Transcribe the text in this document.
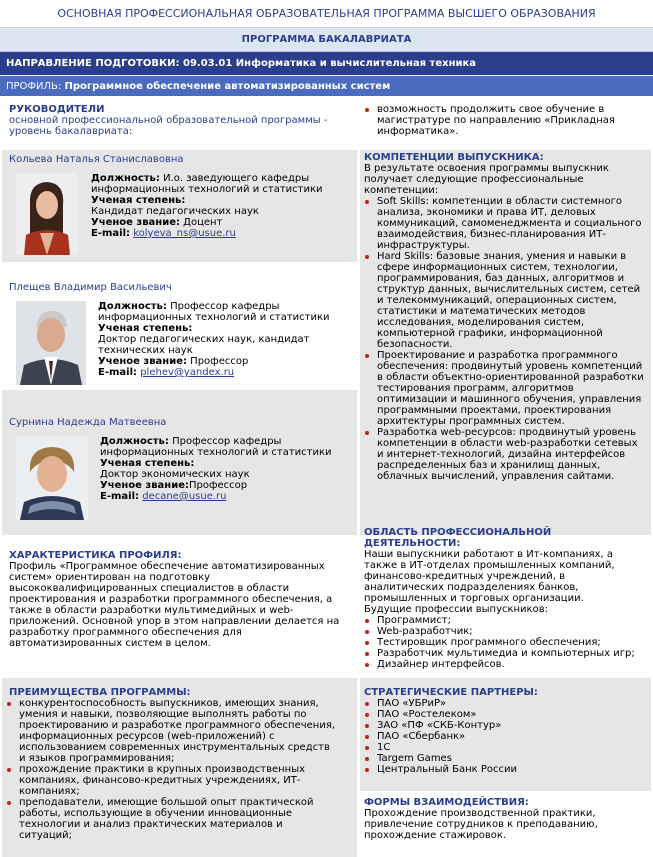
ОСНОВНАЯ ПРОФЕССИОНАЛЬНАЯ ОБРАЗОВАТЕЛЬНАЯ ПРОГРАММА ВЫСШЕГО ОБРАЗОВАНИЯ
ПРОГРАММА БАКАЛАВРИАТА
НАПРАВЛЕНИЕ ПОДГОТОВКИ: 09.03.01 Информатика и вычислительная техника
ПРОФИЛЬ: Программное обеспечение автоматизированных систем
РУКОВОДИТЕЛИ
основной профессиональной образовательной программы - уровень бакалавриата:
Кольева Наталья Станиславовна
Должность: И.о. заведующего кафедры информационных технологий и статистики
Ученая степень:
Кандидат педагогических наук
Ученое звание: Доцент
E-mail: kolyeva_ns@usue.ru
Плещев Владимир Васильевич
Должность: Профессор кафедры информационных технологий и статистики
Ученая степень:
Доктор педагогических наук, кандидат технических наук
Ученое звание: Профессор
E-mail: plehev@yandex.ru
Сурнина Надежда Матвеевна
Должность: Профессор кафедры информационных технологий и статистики
Ученая степень:
Доктор экономических наук
Ученое звание:Профессор
E-mail: decane@usue.ru
ХАРАКТЕРИСТИКА ПРОФИЛЯ:
Профиль «Программное обеспечение автоматизированных систем» ориентирован на подготовку высококвалифицированных специалистов в области проектирования и разработки программного обеспечения, а также в области разработки мультимедийных и web-приложений. Основной упор в этом направлении делается на разработку программного обеспечения для автоматизированных систем в целом.
ПРЕИМУЩЕСТВА ПРОГРАММЫ:
конкурентоспособность выпускников, имеющих знания, умения и навыки, позволяющие выполнять работы по проектированию и разработке программного обеспечения, информационных ресурсов (web-приложений) с использованием современных инструментальных средств и языков программирования;
прохождение практики в крупных производственных компаниях, финансово-кредитных учреждениях, ИТ-компаниях;
преподаватели, имеющие большой опыт практической работы, использующие в обучении инновационные технологии и анализ практических материалов и ситуаций;
возможность продолжить свое обучение в магистратуре по направлению «Прикладная информатика».
КОМПЕТЕНЦИИ ВЫПУСКНИКА:
В результате освоения программы выпускник получает следующие профессиональные компетенции:
Soft Skills: компетенции в области системного анализа, экономики и права ИТ, деловых коммуникаций, самоменеджмента и социального взаимодействия, бизнес-планирования ИТ-инфраструктуры.
Hard Skills: базовые знания, умения и навыки в сфере информационных систем, технологии, программирования, баз данных, алгоритмов и структур данных, вычислительных систем, сетей и телекоммуникаций, операционных систем, статистики и математических методов исследования, моделирования систем, компьютерной графики, информационной безопасности.
Проектирование и разработка программного обеспечения: продвинутый уровень компетенций в области объектно-ориентированной разработки тестирования программ, алгоритмов оптимизации и машинного обучения, управления программными проектами, проектирования архитектуры программных систем.
Разработка web-ресурсов: продвинутый уровень компетенции в области web-разработки сетевых и интернет-технологий, дизайна интерфейсов распределенных баз и хранилищ данных, облачных вычислений, управления сайтами.
ОБЛАСТЬ ПРОФЕССИОНАЛЬНОЙ ДЕЯТЕЛЬНОСТИ:
Наши выпускники работают в Ит-компаниях, а также в ИТ-отделах промышленных компаний, финансово-кредитных учреждений, в аналитических подразделениях банков, промышленных и торговых организации.
Будущие профессии выпускников:
Программист;
Web-разработчик;
Тестировщик программного обеспечения;
Разработчик мультимедиа и компьютерных игр;
Дизайнер интерфейсов.
СТРАТЕГИЧЕСКИЕ ПАРТНЕРЫ:
ПАО «УБРиР»
ПАО «Ростелеком»
ЗАО «ПФ «СКБ-Контур»
ПАО «Сбербанк»
1С
Targem Games
Центральный Банк России
ФОРМЫ ВЗАИМОДЕЙСТВИЯ:
Прохождение производственной практики, привлечение сотрудников к преподаванию, прохождение стажировок.
